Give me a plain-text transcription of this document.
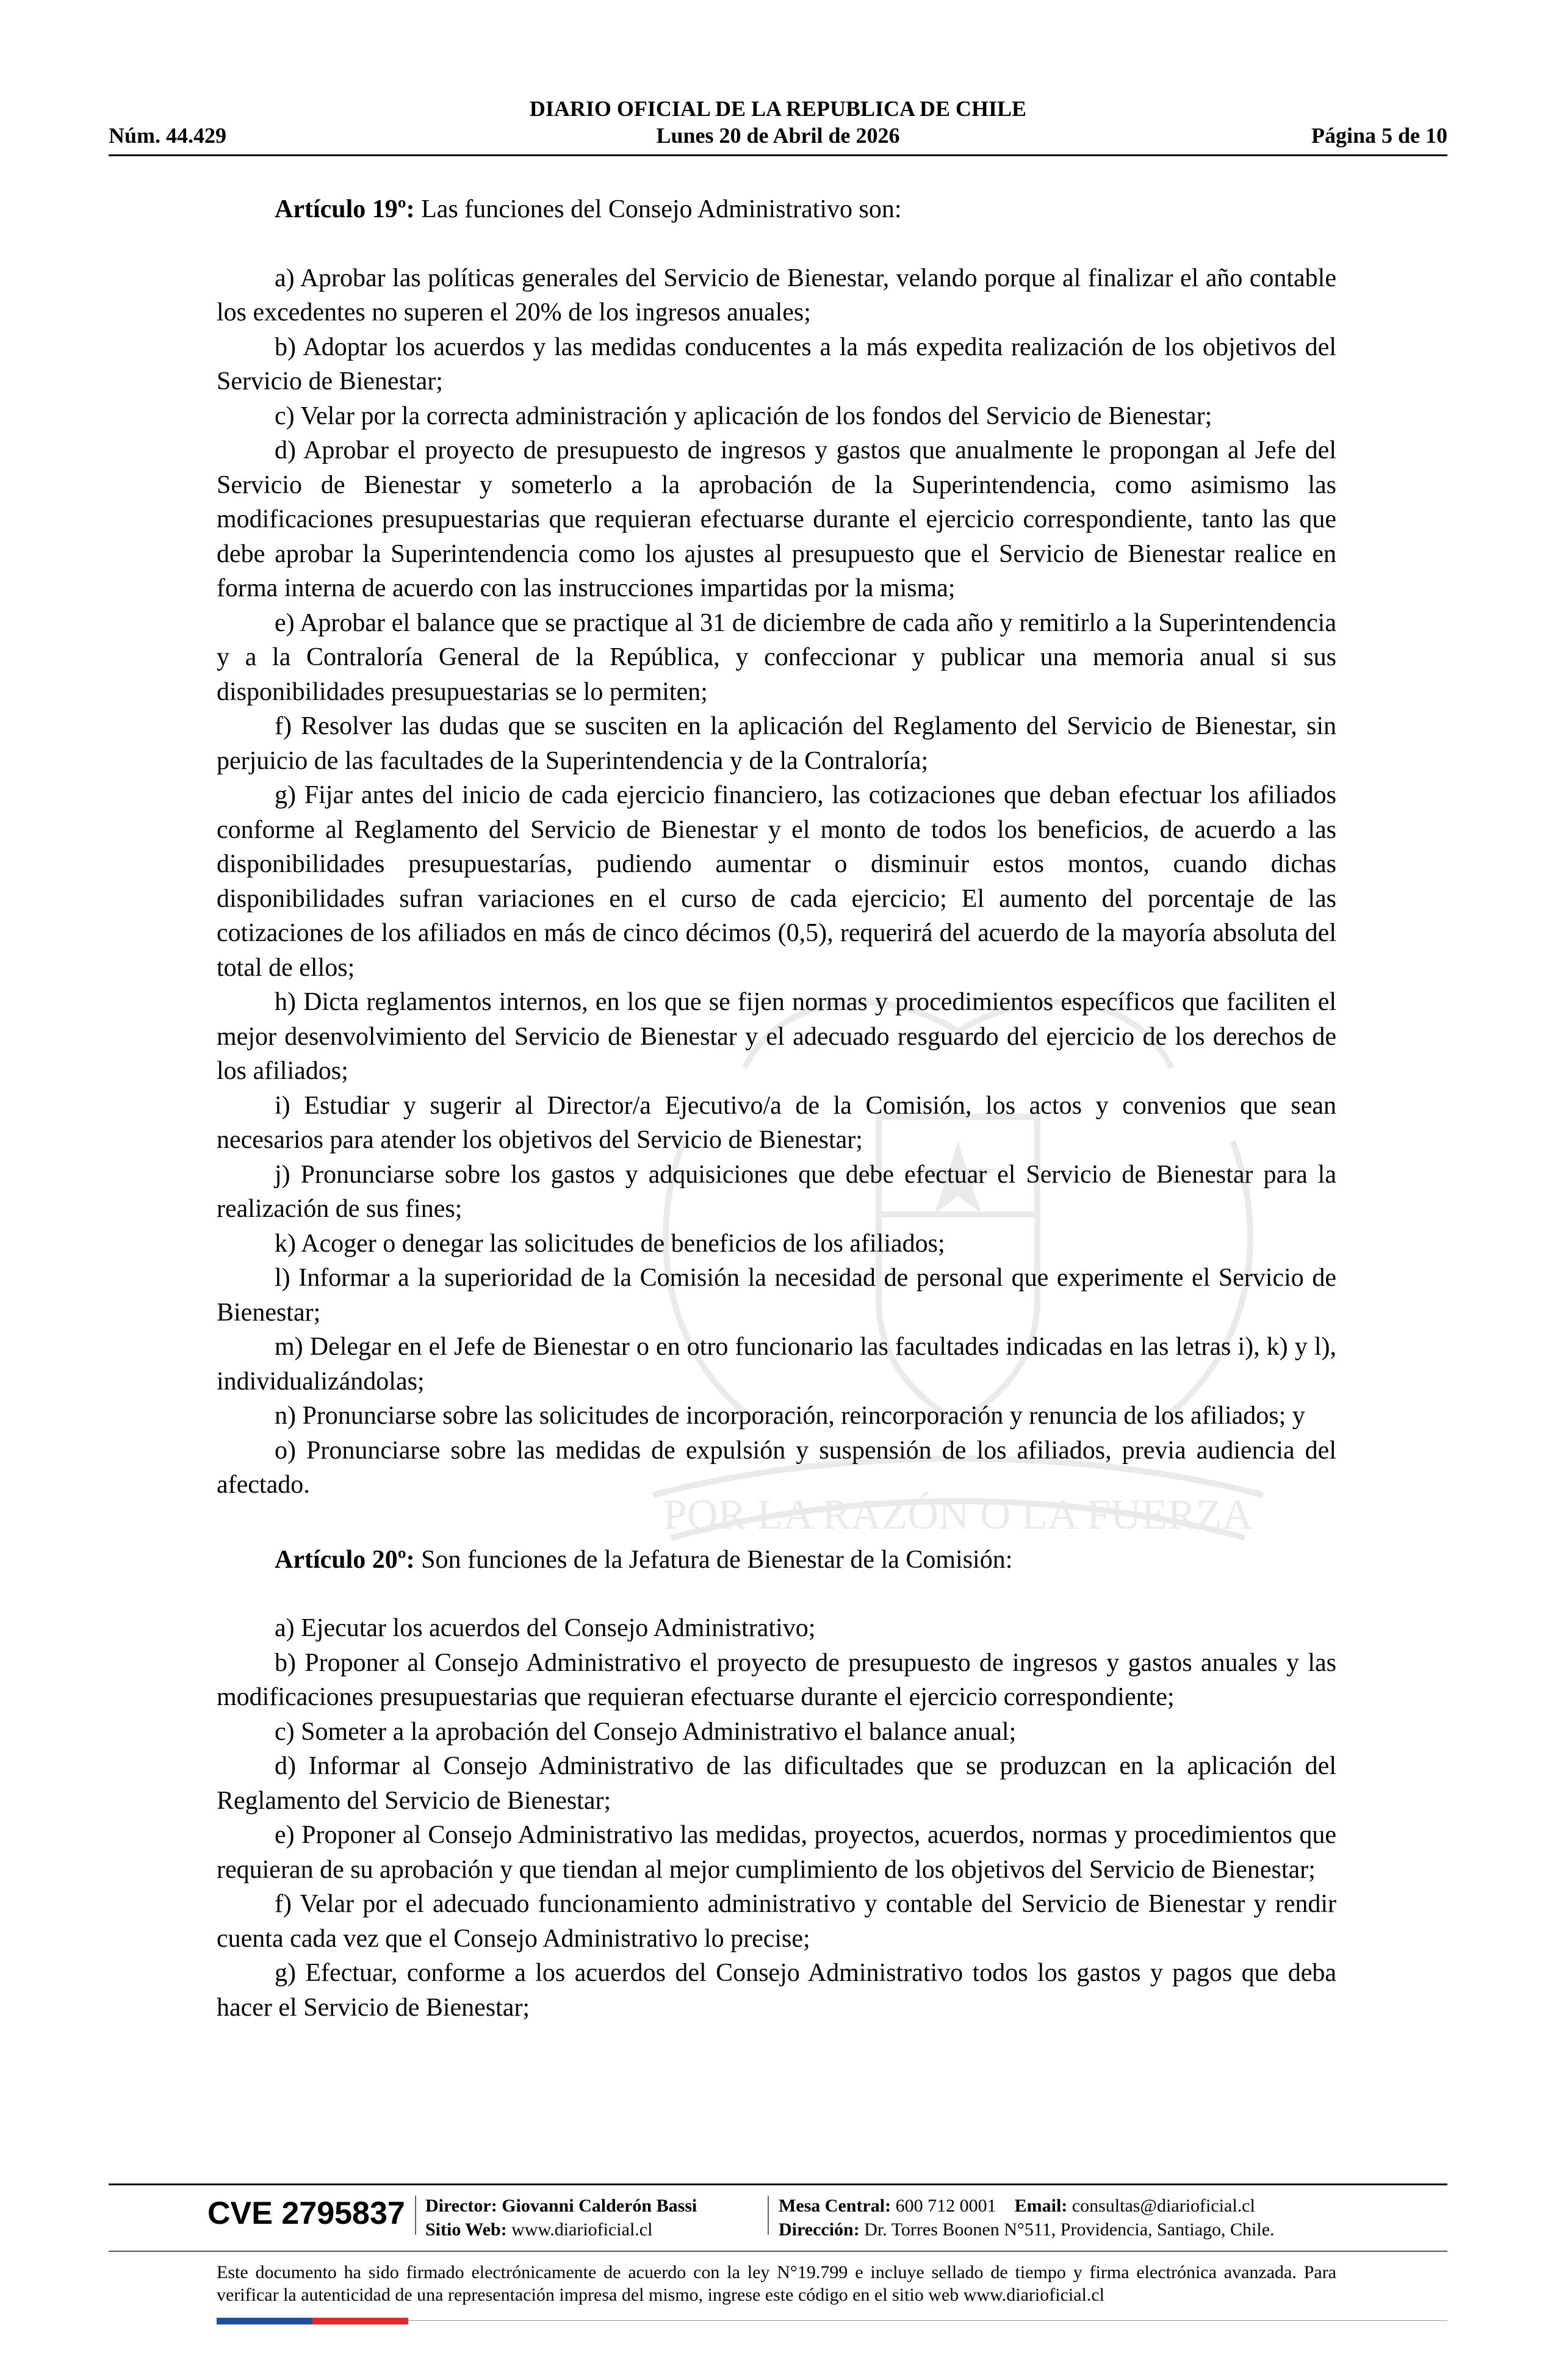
DIARIO OFICIAL DE LA REPUBLICA DE CHILE
Núm. 44.429	Lunes 20 de Abril de 2026	Página 5 de 10
POR LA RAZÓN O LA FUERZA

Artículo 19º: Las funciones del Consejo Administrativo son:

a) Aprobar las políticas generales del Servicio de Bienestar, velando porque al finalizar el año contable los excedentes no superen el 20% de los ingresos anuales;

b) Adoptar los acuerdos y las medidas conducentes a la más expedita realización de los objetivos del Servicio de Bienestar;

c) Velar por la correcta administración y aplicación de los fondos del Servicio de Bienestar;

d) Aprobar el proyecto de presupuesto de ingresos y gastos que anualmente le propongan al Jefe del Servicio de Bienestar y someterlo a la aprobación de la Superintendencia, como asimismo las modificaciones presupuestarias que requieran efectuarse durante el ejercicio correspondiente, tanto las que debe aprobar la Superintendencia como los ajustes al presupuesto que el Servicio de Bienestar realice en forma interna de acuerdo con las instrucciones impartidas por la misma;

e) Aprobar el balance que se practique al 31 de diciembre de cada año y remitirlo a la Superintendencia y a la Contraloría General de la República, y confeccionar y publicar una memoria anual si sus disponibilidades presupuestarias se lo permiten;

f) Resolver las dudas que se susciten en la aplicación del Reglamento del Servicio de Bienestar, sin perjuicio de las facultades de la Superintendencia y de la Contraloría;

g) Fijar antes del inicio de cada ejercicio financiero, las cotizaciones que deban efectuar los afiliados conforme al Reglamento del Servicio de Bienestar y el monto de todos los beneficios, de acuerdo a las disponibilidades presupuestarías, pudiendo aumentar o disminuir estos montos, cuando dichas disponibilidades sufran variaciones en el curso de cada ejercicio; El aumento del porcentaje de las cotizaciones de los afiliados en más de cinco décimos (0,5), requerirá del acuerdo de la mayoría absoluta del total de ellos;

h) Dicta reglamentos internos, en los que se fijen normas y procedimientos específicos que faciliten el mejor desenvolvimiento del Servicio de Bienestar y el adecuado resguardo del ejercicio de los derechos de los afiliados;

i) Estudiar y sugerir al Director/a Ejecutivo/a de la Comisión, los actos y convenios que sean necesarios para atender los objetivos del Servicio de Bienestar;

j) Pronunciarse sobre los gastos y adquisiciones que debe efectuar el Servicio de Bienestar para la realización de sus fines;

k) Acoger o denegar las solicitudes de beneficios de los afiliados;

l) Informar a la superioridad de la Comisión la necesidad de personal que experimente el Servicio de Bienestar;

m) Delegar en el Jefe de Bienestar o en otro funcionario las facultades indicadas en las letras i), k) y l), individualizándolas;

n) Pronunciarse sobre las solicitudes de incorporación, reincorporación y renuncia de los afiliados; y

o) Pronunciarse sobre las medidas de expulsión y suspensión de los afiliados, previa audiencia del afectado.

Artículo 20º: Son funciones de la Jefatura de Bienestar de la Comisión:

a) Ejecutar los acuerdos del Consejo Administrativo;

b) Proponer al Consejo Administrativo el proyecto de presupuesto de ingresos y gastos anuales y las modificaciones presupuestarias que requieran efectuarse durante el ejercicio correspondiente;

c) Someter a la aprobación del Consejo Administrativo el balance anual;

d) Informar al Consejo Administrativo de las dificultades que se produzcan en la aplicación del Reglamento del Servicio de Bienestar;

e) Proponer al Consejo Administrativo las medidas, proyectos, acuerdos, normas y procedimientos que requieran de su aprobación y que tiendan al mejor cumplimiento de los objetivos del Servicio de Bienestar;

f) Velar por el adecuado funcionamiento administrativo y contable del Servicio de Bienestar y rendir cuenta cada vez que el Consejo Administrativo lo precise;

g) Efectuar, conforme a los acuerdos del Consejo Administrativo todos los gastos y pagos que deba hacer el Servicio de Bienestar;

CVE 2795837 Director: Giovanni Calderón Bassi
Sitio Web: www.diarioficial.cl
Mesa Central: 600 712 0001 Email: consultas@diarioficial.cl
Dirección: Dr. Torres Boonen N°511, Providencia, Santiago, Chile.
Este documento ha sido firmado electrónicamente de acuerdo con la ley N°19.799 e incluye sellado de tiempo y firma electrónica avanzada. Para verificar la autenticidad de una representación impresa del mismo, ingrese este código en el sitio web www.diarioficial.cl
